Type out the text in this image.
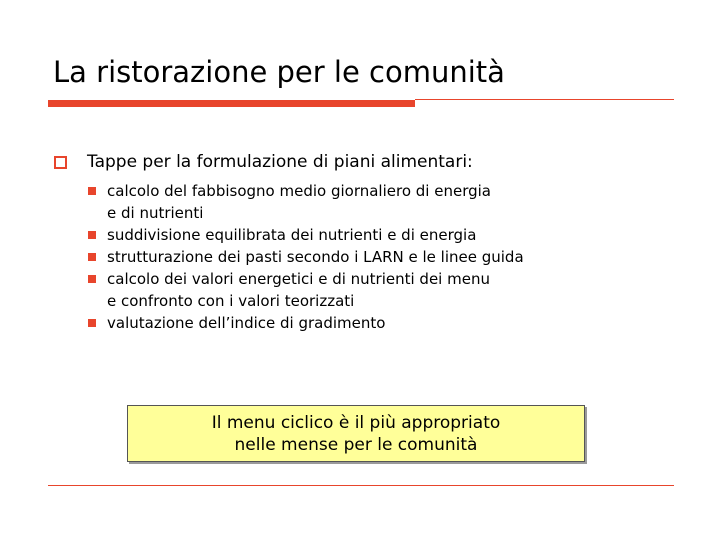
La ristorazione per le comunità
Tappe per la formulazione di piani alimentari:
calcolo del fabbisogno medio giornaliero di energia
e di nutrienti
suddivisione equilibrata dei nutrienti e di energia
strutturazione dei pasti secondo i LARN e le linee guida
calcolo dei valori energetici e di nutrienti dei menu
e confronto con i valori teorizzati
valutazione dell’indice di gradimento
Il menu ciclico è il più appropriato
nelle mense per le comunità
